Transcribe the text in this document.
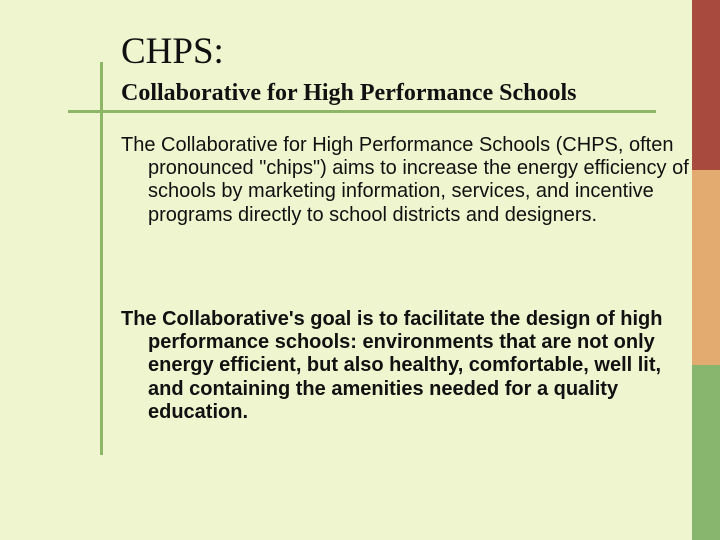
CHPS:
Collaborative for High Performance Schools

The Collaborative for High Performance Schools (CHPS, often pronounced "chips") aims to increase the energy efficiency of schools by marketing information, services, and incentive programs directly to school districts and designers.

The Collaborative's goal is to facilitate the design of high performance schools: environments that are not only energy efficient, but also healthy, comfortable, well lit, and containing the amenities needed for a quality education.
